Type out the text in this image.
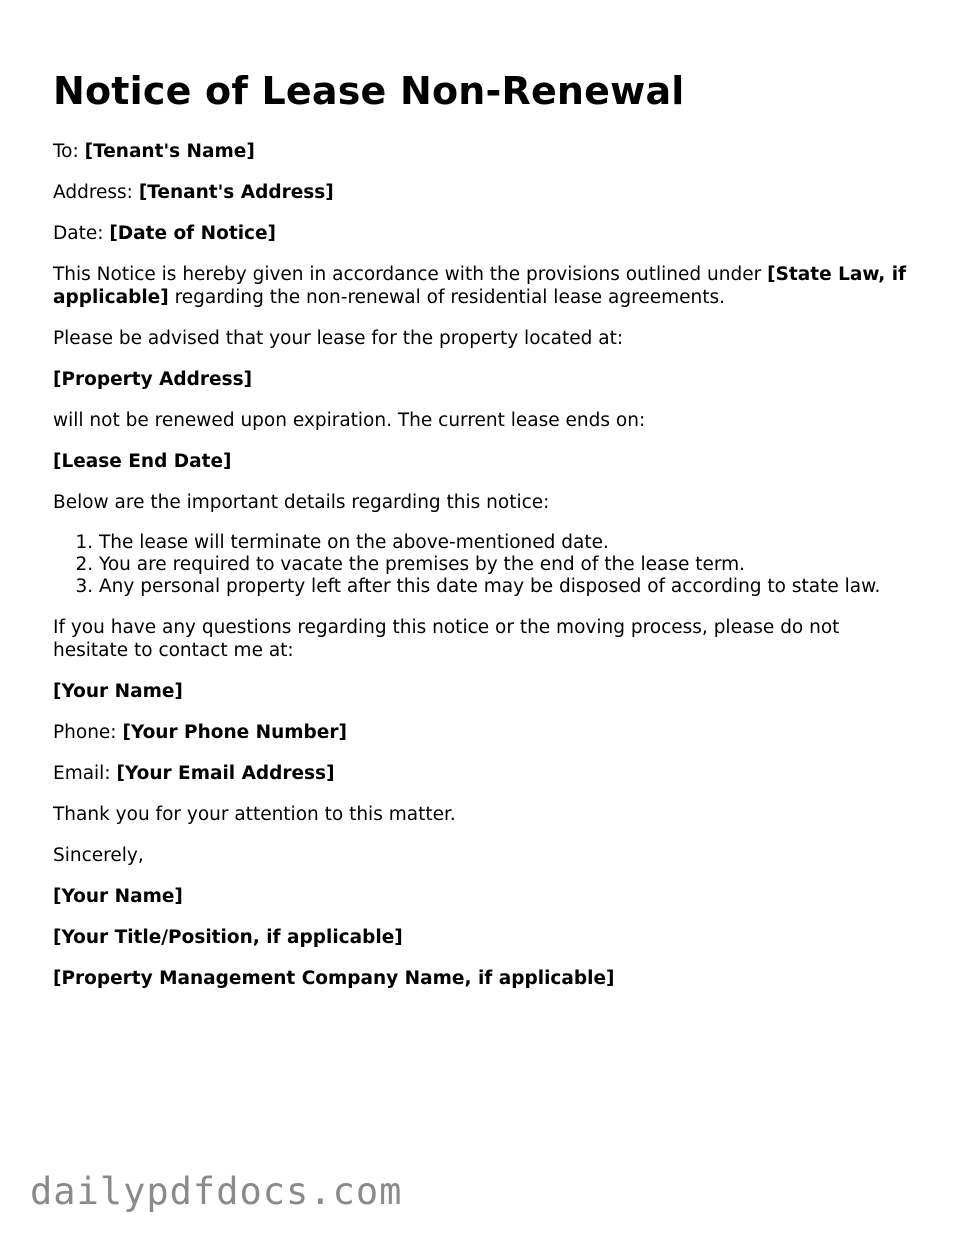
Notice of Lease Non-Renewal

To: [Tenant's Name]

Address: [Tenant's Address]

Date: [Date of Notice]

This Notice is hereby given in accordance with the provisions outlined under [State Law, if applicable] regarding the non-renewal of residential lease agreements.

Please be advised that your lease for the property located at:

[Property Address]

will not be renewed upon expiration. The current lease ends on:

[Lease End Date]

Below are the important details regarding this notice:

1. The lease will terminate on the above-mentioned date.
2. You are required to vacate the premises by the end of the lease term.
3. Any personal property left after this date may be disposed of according to state law.

If you have any questions regarding this notice or the moving process, please do not hesitate to contact me at:

[Your Name]

Phone: [Your Phone Number]

Email: [Your Email Address]

Thank you for your attention to this matter.

Sincerely,

[Your Name]

[Your Title/Position, if applicable]

[Property Management Company Name, if applicable]

dailypdfdocs.com
